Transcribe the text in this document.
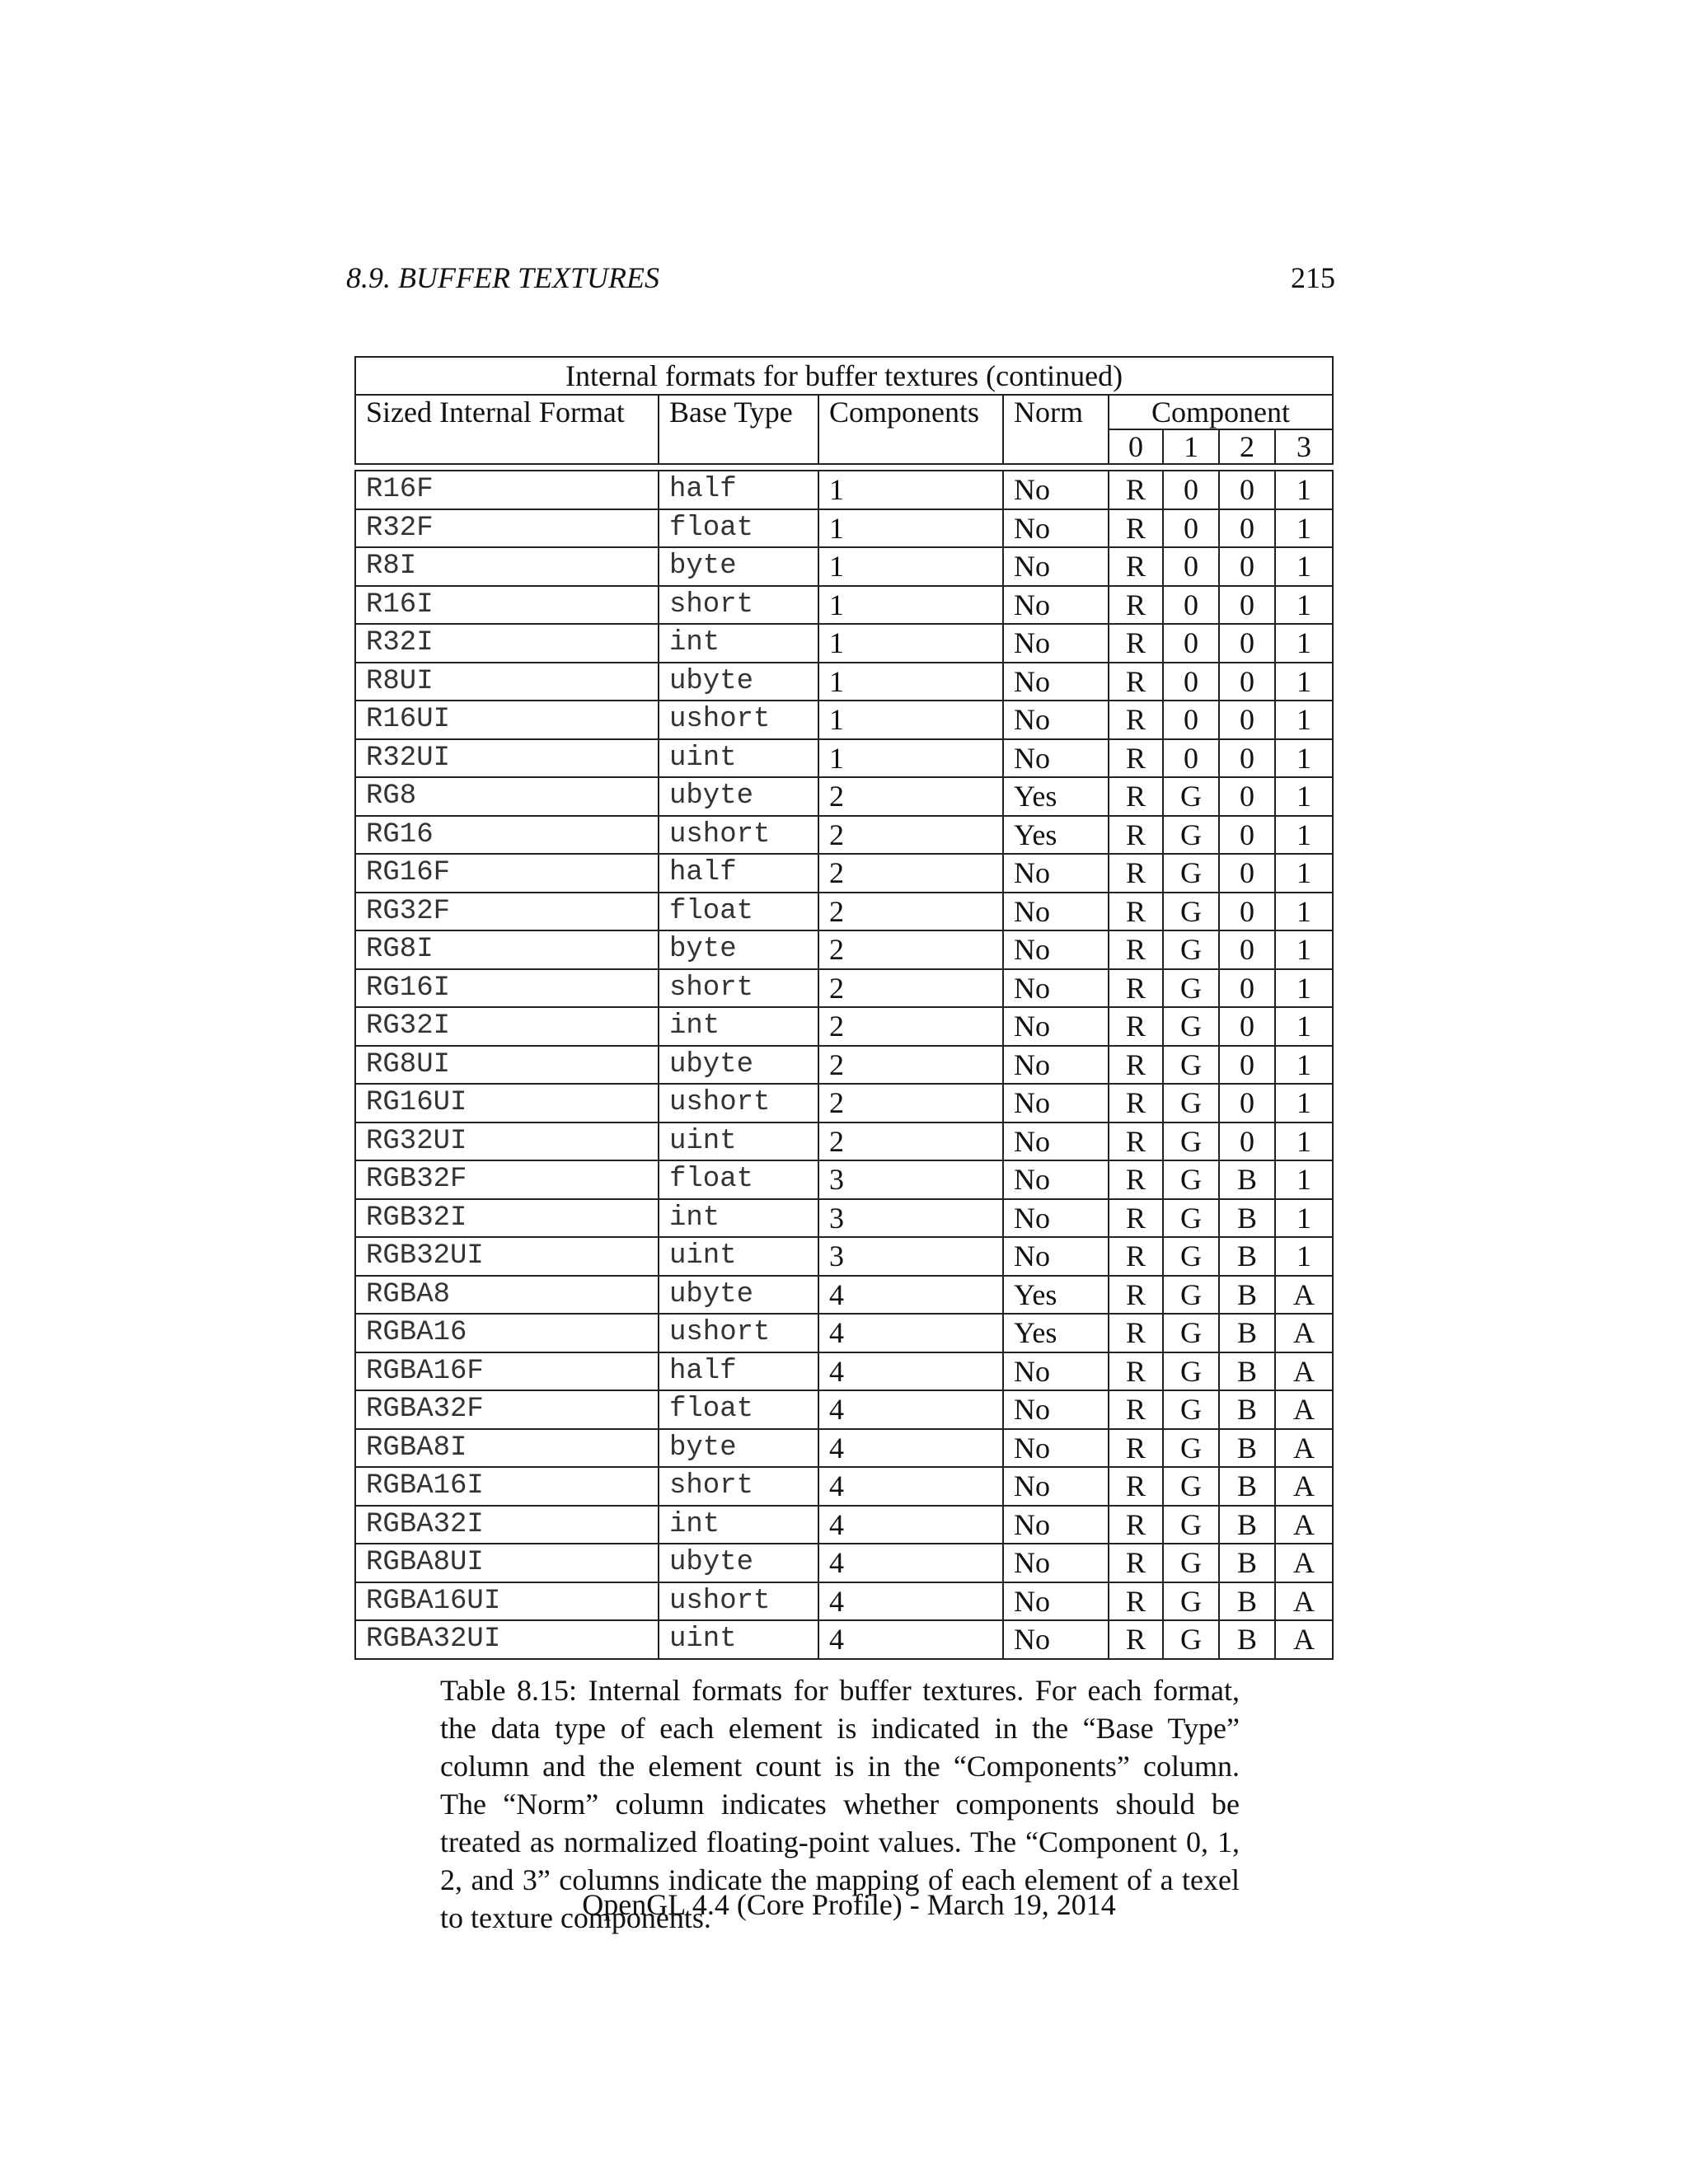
8.9. BUFFER TEXTURES	215
Internal formats for buffer textures (continued)							
Sized Internal Format	Base Type	Components	Norm	Component			
				0	1	2	3

R16F	half	1	No	R	0	0	1
R32F	float	1	No	R	0	0	1
R8I	byte	1	No	R	0	0	1
R16I	short	1	No	R	0	0	1
R32I	int	1	No	R	0	0	1
R8UI	ubyte	1	No	R	0	0	1
R16UI	ushort	1	No	R	0	0	1
R32UI	uint	1	No	R	0	0	1
RG8	ubyte	2	Yes	R	G	0	1
RG16	ushort	2	Yes	R	G	0	1
RG16F	half	2	No	R	G	0	1
RG32F	float	2	No	R	G	0	1
RG8I	byte	2	No	R	G	0	1
RG16I	short	2	No	R	G	0	1
RG32I	int	2	No	R	G	0	1
RG8UI	ubyte	2	No	R	G	0	1
RG16UI	ushort	2	No	R	G	0	1
RG32UI	uint	2	No	R	G	0	1
RGB32F	float	3	No	R	G	B	1
RGB32I	int	3	No	R	G	B	1
RGB32UI	uint	3	No	R	G	B	1
RGBA8	ubyte	4	Yes	R	G	B	A
RGBA16	ushort	4	Yes	R	G	B	A
RGBA16F	half	4	No	R	G	B	A
RGBA32F	float	4	No	R	G	B	A
RGBA8I	byte	4	No	R	G	B	A
RGBA16I	short	4	No	R	G	B	A
RGBA32I	int	4	No	R	G	B	A
RGBA8UI	ubyte	4	No	R	G	B	A
RGBA16UI	ushort	4	No	R	G	B	A
RGBA32UI	uint	4	No	R	G	B	A
Table 8.15: Internal formats for buffer textures. For each format, the data type of each element is indicated in the “Base Type” column and the element count is in the “Components” column. The “Norm” column indicates whether components should be treated as normalized floating-point values. The “Component 0, 1, 2, and 3” columns indicate the mapping of each element of a texel to texture components.
OpenGL 4.4 (Core Profile) - March 19, 2014
